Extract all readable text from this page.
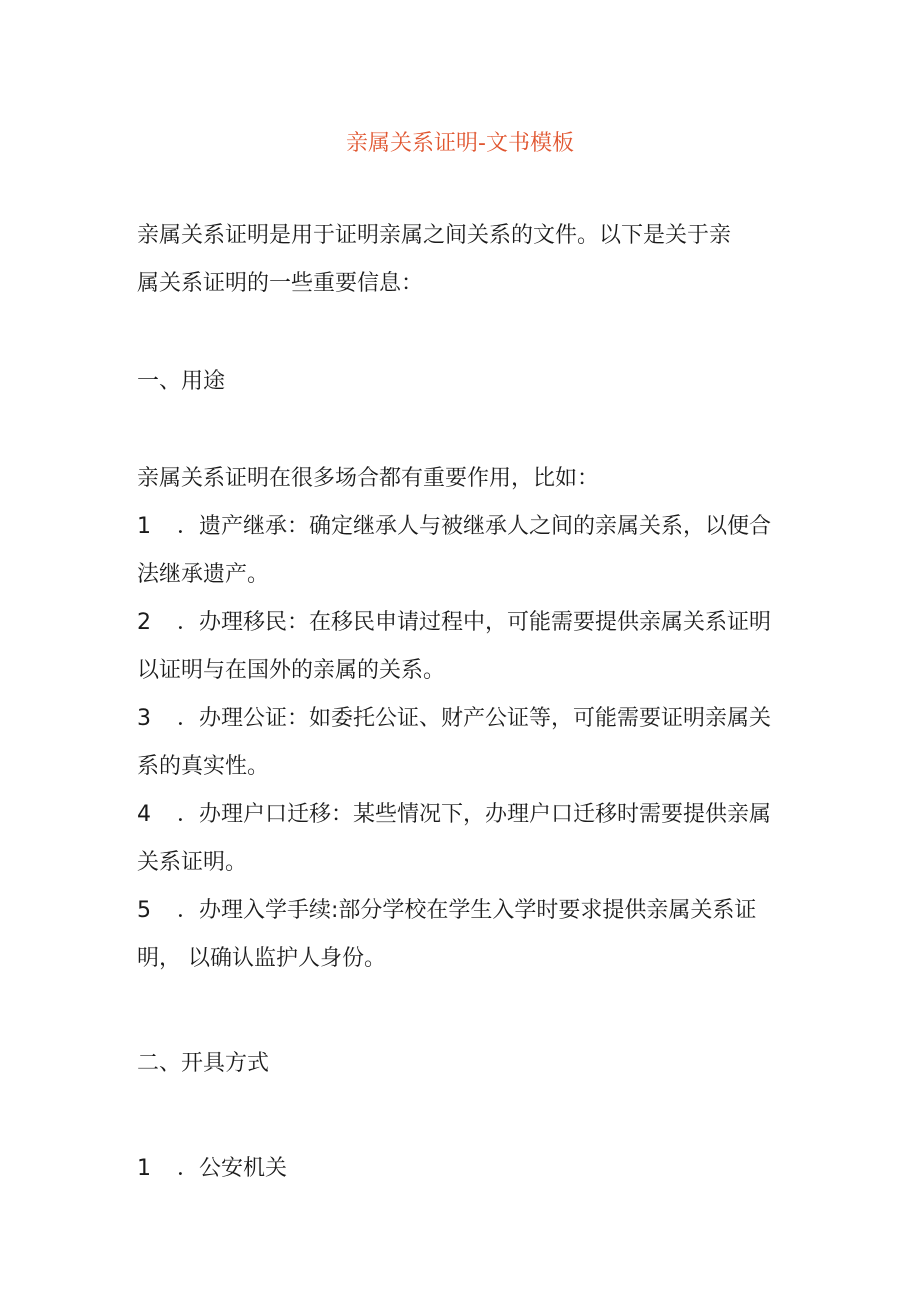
亲属关系证明-文书模板
亲属关系证明是用于证明亲属之间关系的文件。以下是关于亲
属关系证明的一些重要信息：
一、用途
亲属关系证明在很多场合都有重要作用，比如：
1 ．遗产继承：确定继承人与被继承人之间的亲属关系，以便合
法继承遗产。
2 ．办理移民：在移民申请过程中，可能需要提供亲属关系证明
以证明与在国外的亲属的关系。
3 ．办理公证：如委托公证、财产公证等，可能需要证明亲属关
系的真实性。
4 ．办理户口迁移：某些情况下，办理户口迁移时需要提供亲属
关系证明。
5 ．办理入学手续:部分学校在学生入学时要求提供亲属关系证
明， 以确认监护人身份。
二、开具方式
1 ．公安机关
